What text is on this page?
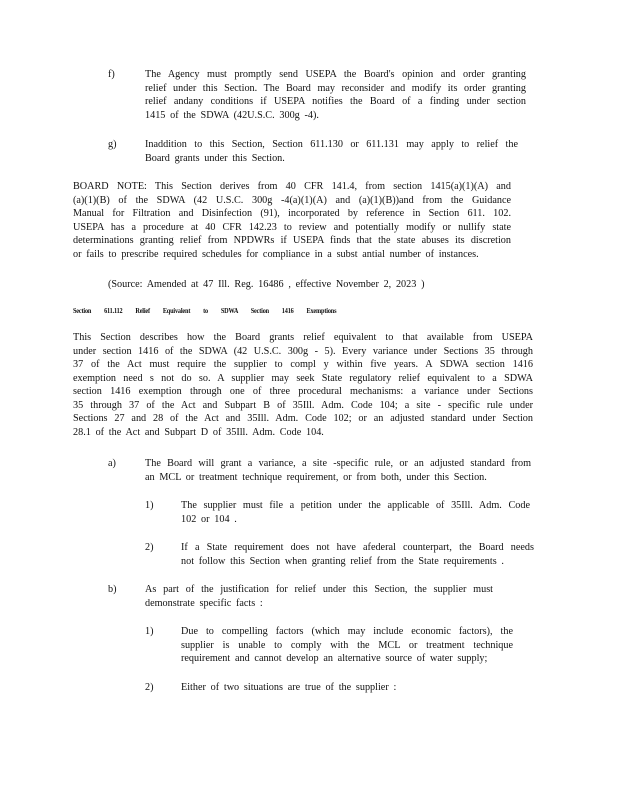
f)	The Agency must promptly send USEPA the Board's opinion and order granting
relief under this Section. The Board may reconsider and modify its order granting
relief andany conditions if USEPA notifies the Board of a finding under section
1415 of the SDWA (42U.S.C. 300g -4).
g)	Inaddition to this Section, Section 611.130 or 611.131 may apply to relief the
Board grants under this Section.
BOARD NOTE: This Section derives from 40 CFR 141.4, from section 1415(a)(1)(A) and
(a)(1)(B) of the SDWA (42 U.S.C. 300g -4(a)(1)(A) and (a)(1)(B))and from the Guidance
Manual for Filtration and Disinfection (91), incorporated by reference in Section 611. 102.
USEPA has a procedure at 40 CFR 142.23 to review and potentially modify or nullify state
determinations granting relief from NPDWRs if USEPA finds that the state abuses its discretion
or fails to prescribe required schedules for compliance in a subst antial number of instances.
(Source: Amended at 47 Ill. Reg. 16486 , effective November 2, 2023 )
Section 611.112 Relief Equivalent to SDWA Section 1416 Exemptions
This Section describes how the Board grants relief equivalent to that available from USEPA
under section 1416 of the SDWA (42 U.S.C. 300g - 5). Every variance under Sections 35 through
37 of the Act must require the supplier to compl y within five years. A SDWA section 1416
exemption need s not do so. A supplier may seek State regulatory relief equivalent to a SDWA
section 1416 exemption through one of three procedural mechanisms: a variance under Sections
35 through 37 of the Act and Subpart B of 35Ill. Adm. Code 104; a site - specific rule under
Sections 27 and 28 of the Act and 35Ill. Adm. Code 102; or an adjusted standard under Section
28.1 of the Act and Subpart D of 35Ill. Adm. Code 104.
a)	The Board will grant a variance, a site -specific rule, or an adjusted standard from
an MCL or treatment technique requirement, or from both, under this Section.
1)	The supplier must file a petition under the applicable of 35Ill. Adm. Code
102 or 104 .
2)	If a State requirement does not have afederal counterpart, the Board needs
not follow this Section when granting relief from the State requirements .
b)	As part of the justification for relief under this Section, the supplier must
demonstrate specific facts :
1)	Due to compelling factors (which may include economic factors), the
supplier is unable to comply with the MCL or treatment technique
requirement and cannot develop an alternative source of water supply;
2)	Either of two situations are true of the supplier :
